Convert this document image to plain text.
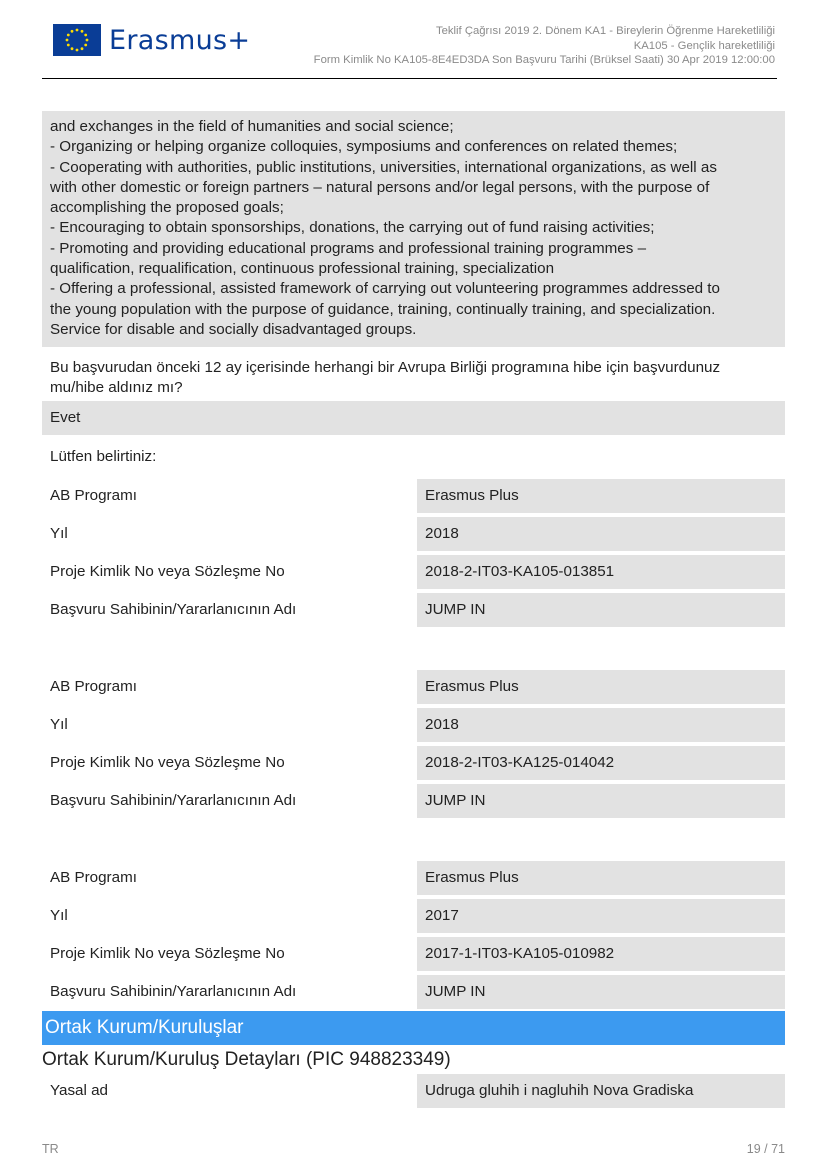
Erasmus+	Teklif Çağrısı 2019 2. Dönem KA1 - Bireylerin Öğrenme Hareketliliği
KA105 - Gençlik hareketliliği
Form Kimlik No KA105-8E4ED3DA Son Başvuru Tarihi (Brüksel Saati) 30 Apr 2019 12:00:00
and exchanges in the field of humanities and social science;
- Organizing or helping organize colloquies, symposiums and conferences on related themes;
- Cooperating with authorities, public institutions, universities, international organizations, as well as
with other domestic or foreign partners – natural persons and/or legal persons, with the purpose of
accomplishing the proposed goals;
- Encouraging to obtain sponsorships, donations, the carrying out of fund raising activities;
- Promoting and providing educational programs and professional training programmes –
qualification, requalification, continuous professional training, specialization
- Offering a professional, assisted framework of carrying out volunteering programmes addressed to
the young population with the purpose of guidance, training, continually training, and specialization.
Service for disable and socially disadvantaged groups.
Bu başvurudan önceki 12 ay içerisinde herhangi bir Avrupa Birliği programına hibe için başvurdunuz
mu/hibe aldınız mı?
Evet
Lütfen belirtiniz:
AB Programı	Erasmus Plus
Yıl	2018
Proje Kimlik No veya Sözleşme No	2018-2-IT03-KA105-013851
Başvuru Sahibinin/Yararlanıcının Adı	JUMP IN
AB Programı	Erasmus Plus
Yıl	2018
Proje Kimlik No veya Sözleşme No	2018-2-IT03-KA125-014042
Başvuru Sahibinin/Yararlanıcının Adı	JUMP IN
AB Programı	Erasmus Plus
Yıl	2017
Proje Kimlik No veya Sözleşme No	2017-1-IT03-KA105-010982
Başvuru Sahibinin/Yararlanıcının Adı	JUMP IN
Ortak Kurum/Kuruluşlar
Ortak Kurum/Kuruluş Detayları (PIC 948823349)
Yasal ad	Udruga gluhih i nagluhih Nova Gradiska
TR	19 / 71
